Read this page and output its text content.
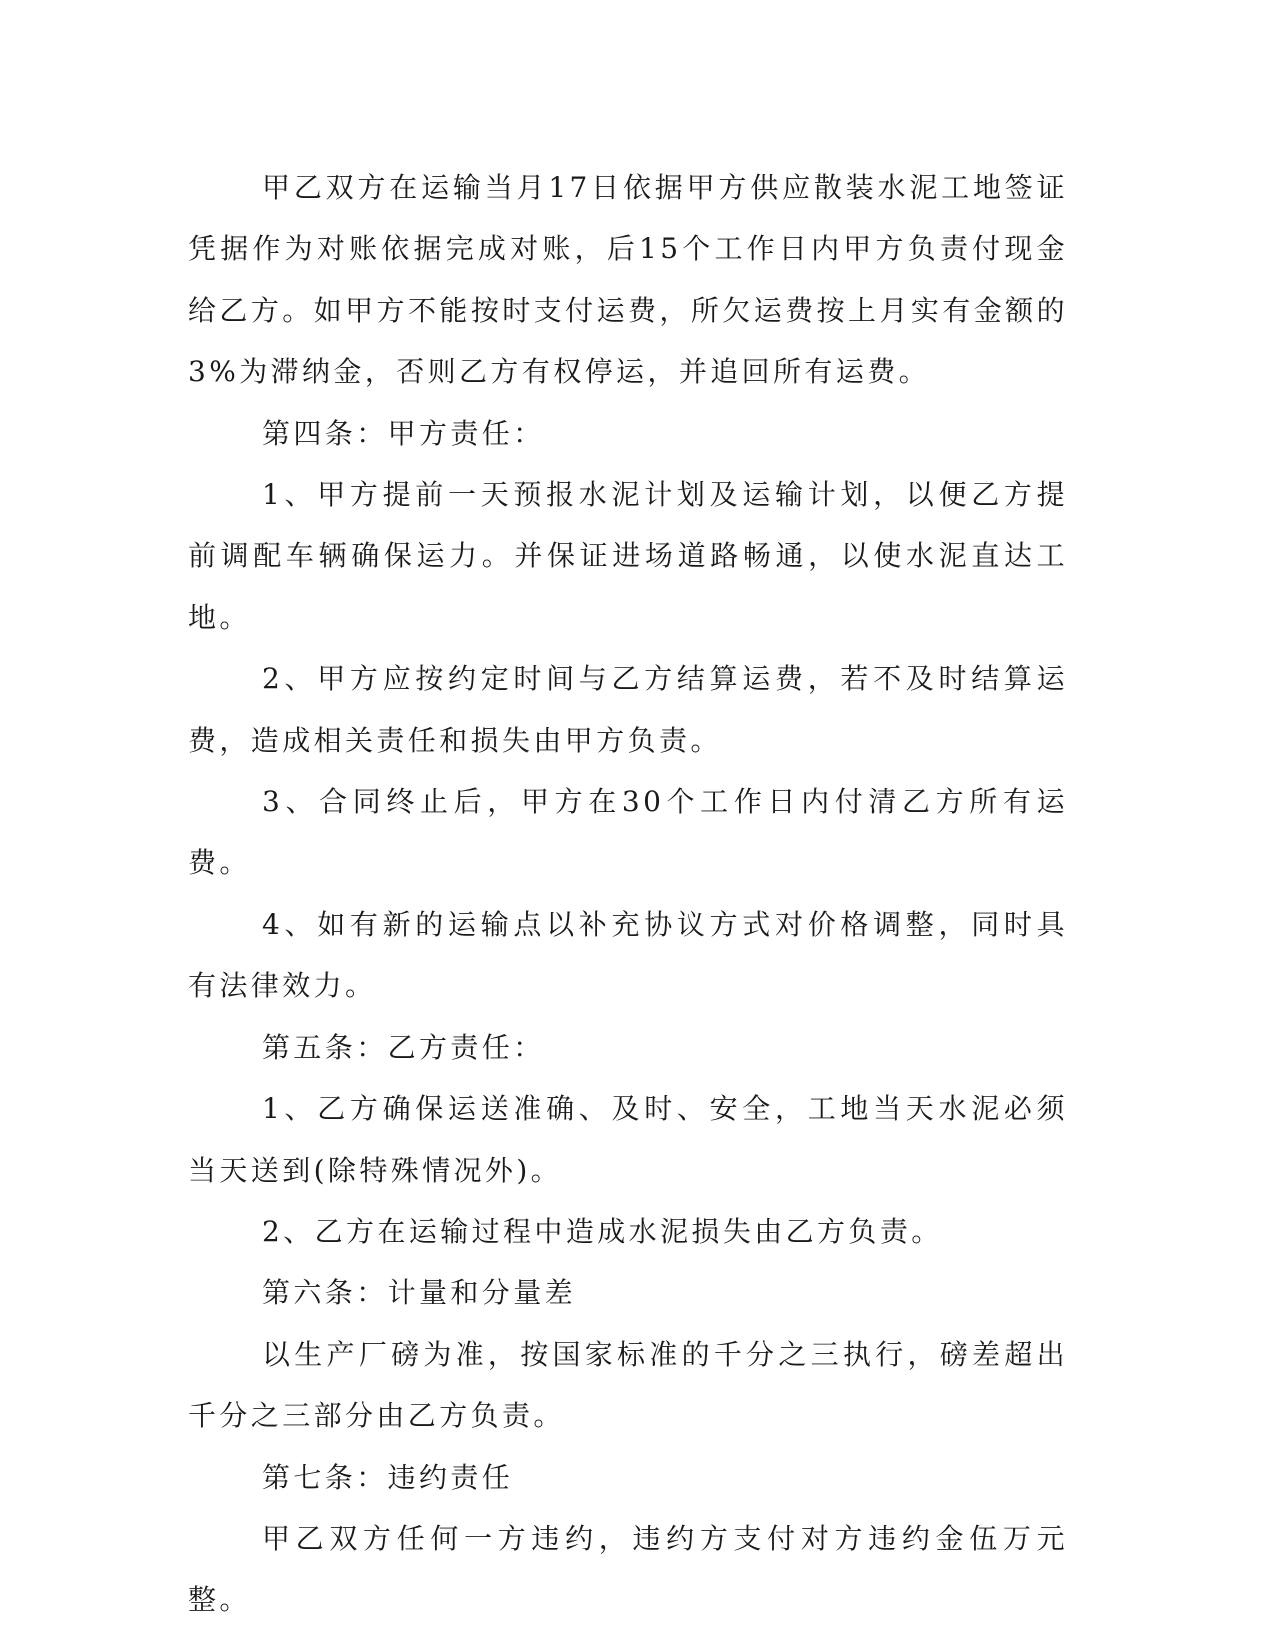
甲乙双方在运输当月17日依据甲方供应散装水泥工地签证凭据作为对账依据完成对账，后15个工作日内甲方负责付现金给乙方。如甲方不能按时支付运费，所欠运费按上月实有金额的3%为滞纳金，否则乙方有权停运，并追回所有运费。

第四条：甲方责任：

1、甲方提前一天预报水泥计划及运输计划，以便乙方提前调配车辆确保运力。并保证进场道路畅通，以使水泥直达工地。

2、甲方应按约定时间与乙方结算运费，若不及时结算运费，造成相关责任和损失由甲方负责。

3、合同终止后，甲方在30个工作日内付清乙方所有运费。

4、如有新的运输点以补充协议方式对价格调整，同时具有法律效力。

第五条：乙方责任：

1、乙方确保运送准确、及时、安全，工地当天水泥必须当天送到(除特殊情况外)。

2、乙方在运输过程中造成水泥损失由乙方负责。

第六条：计量和分量差

以生产厂磅为准，按国家标准的千分之三执行，磅差超出千分之三部分由乙方负责。

第七条：违约责任

甲乙双方任何一方违约，违约方支付对方违约金伍万元整。
